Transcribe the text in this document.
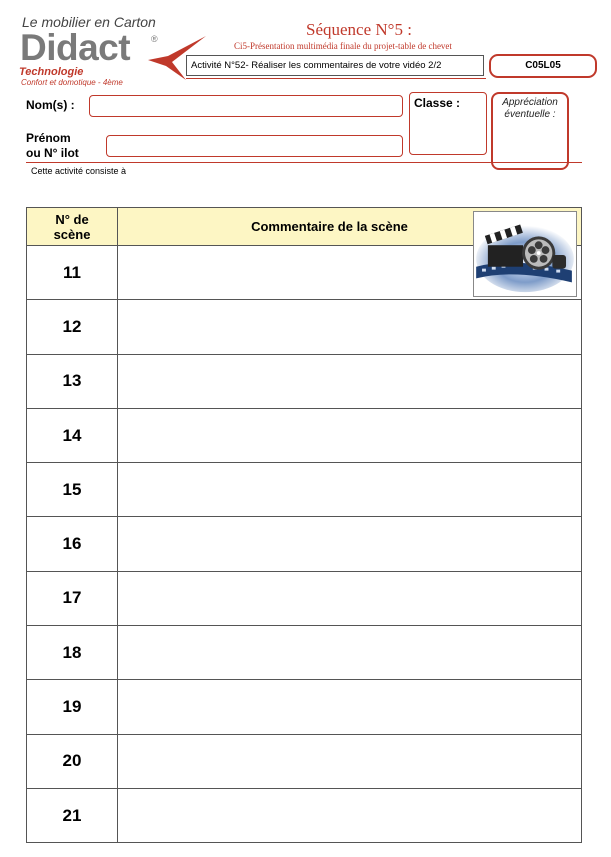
Le mobilier en Carton
Didact ®
Technologie
Confort et domotique - 4ème
Séquence N°5 :
Ci5-Présentation multimédia finale du projet-table de chevet
Activité N°52- Réaliser les commentaires de votre vidéo 2/2	C05L05
Nom(s) :
Prénom
ou N° ilot
Classe :	Appréciation
éventuelle :
Cette activité consiste à
N° de
scène	Commentaire de la scène
11	
12	
13	
14	
15	
16	
17	
18	
19	
20	
21	
